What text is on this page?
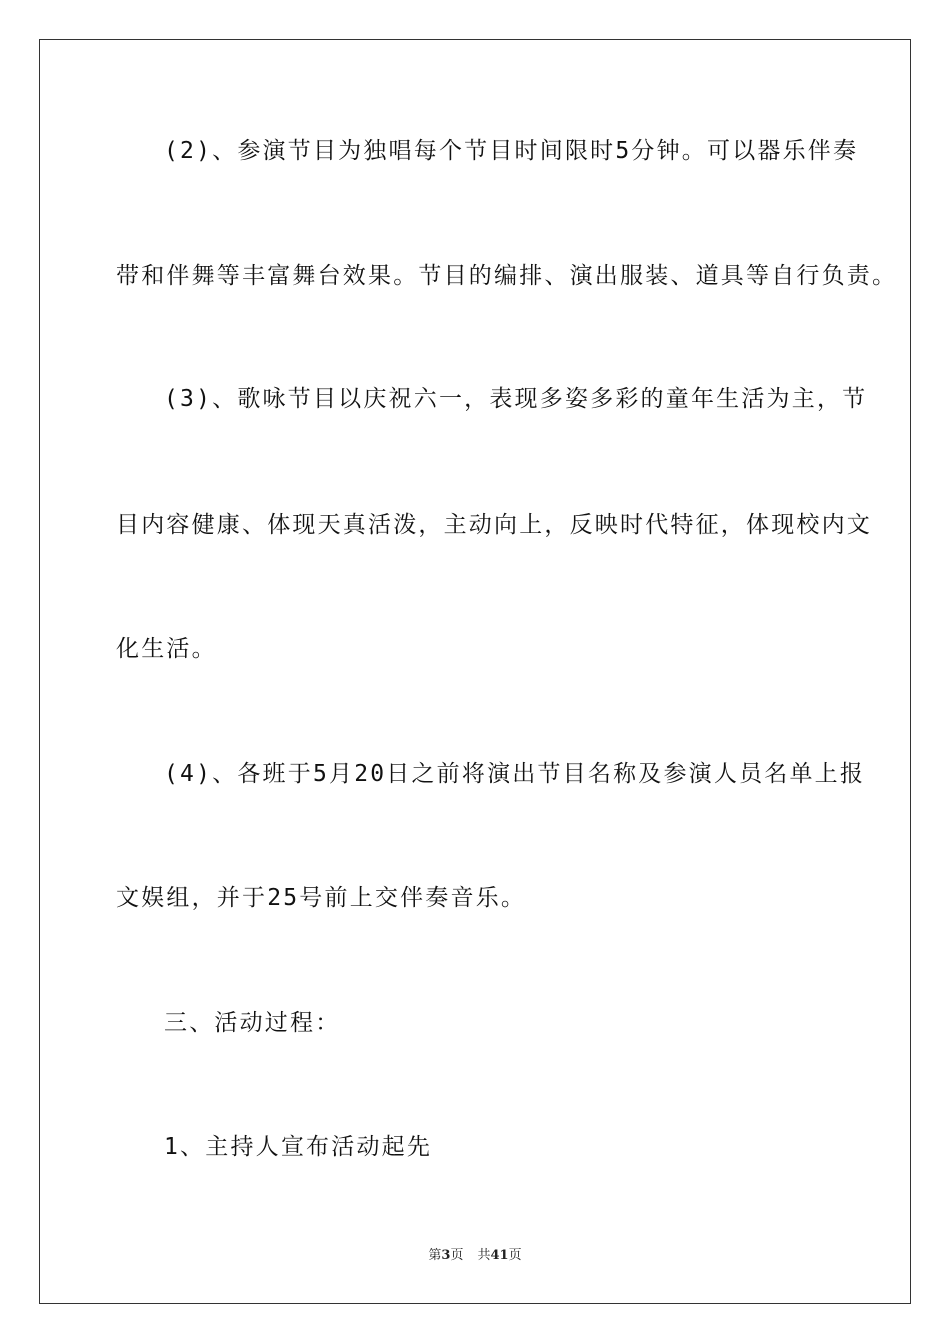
(2)、参演节目为独唱每个节目时间限时5分钟。可以器乐伴奏
带和伴舞等丰富舞台效果。节目的编排、演出服装、道具等自行负责。
(3)、歌咏节目以庆祝六一，表现多姿多彩的童年生活为主，节
目内容健康、体现天真活泼，主动向上，反映时代特征，体现校内文
化生活。
(4)、各班于5月20日之前将演出节目名称及参演人员名单上报
文娱组，并于25号前上交伴奏音乐。
三、活动过程：
1、主持人宣布活动起先
第3页 共41页
